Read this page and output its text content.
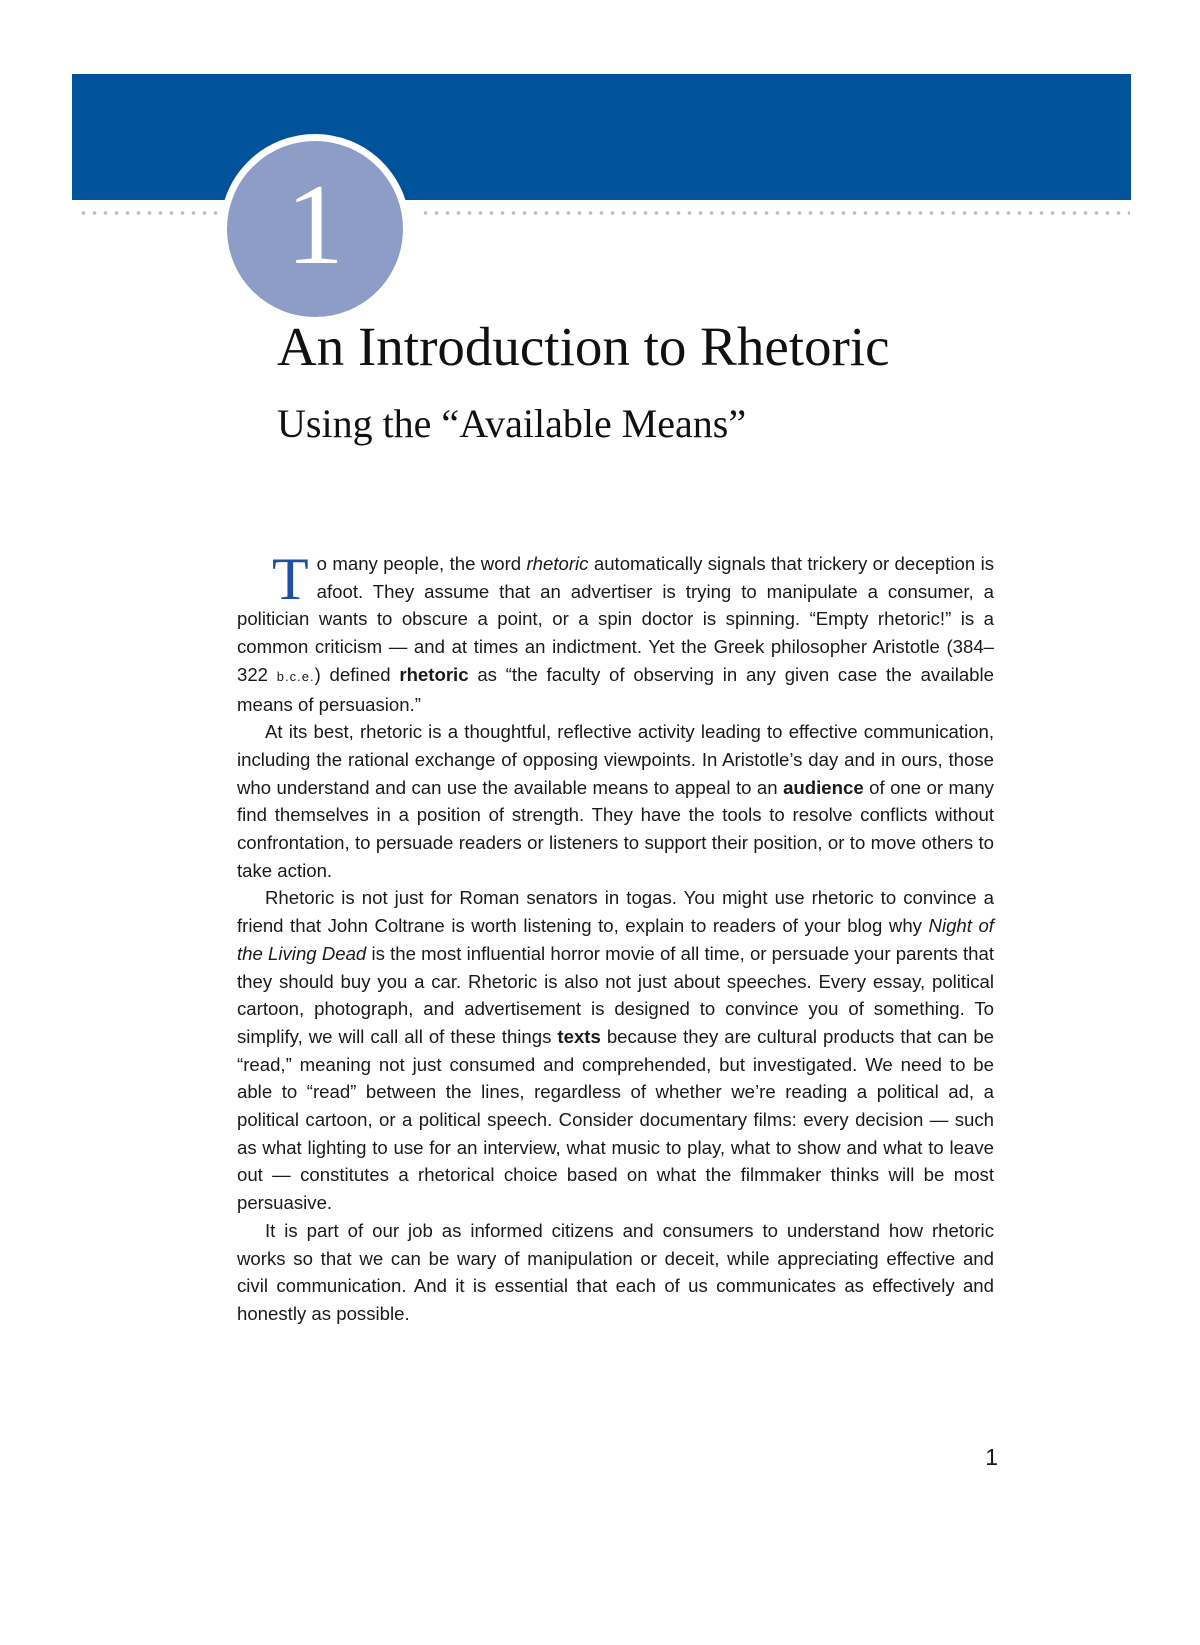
1
An Introduction to Rhetoric
Using the “Available Means”

To many people, the word rhetoric automatically signals that trickery or deception is afoot. They assume that an advertiser is trying to manipulate a consumer, a politician wants to obscure a point, or a spin doctor is spinning. “Empty rhetoric!” is a common criticism — and at times an indictment. Yet the Greek philosopher Aristotle (384–322 b.c.e.) defined rhetoric as “the faculty of observing in any given case the available means of persuasion.”

At its best, rhetoric is a thoughtful, reflective activity leading to effective communication, including the rational exchange of opposing viewpoints. In Aristotle’s day and in ours, those who understand and can use the available means to appeal to an audience of one or many find themselves in a position of strength. They have the tools to resolve conflicts without confrontation, to persuade readers or listeners to support their position, or to move others to take action.

Rhetoric is not just for Roman senators in togas. You might use rhetoric to convince a friend that John Coltrane is worth listening to, explain to readers of your blog why Night of the Living Dead is the most influential horror movie of all time, or persuade your parents that they should buy you a car. Rhetoric is also not just about speeches. Every essay, political cartoon, photograph, and advertisement is designed to convince you of something. To simplify, we will call all of these things texts because they are cultural products that can be “read,” meaning not just consumed and comprehended, but investigated. We need to be able to “read” between the lines, regardless of whether we’re reading a political ad, a political cartoon, or a political speech. Consider documentary films: every decision — such as what lighting to use for an interview, what music to play, what to show and what to leave out — constitutes a rhetorical choice based on what the filmmaker thinks will be most persuasive.

It is part of our job as informed citizens and consumers to understand how rhetoric works so that we can be wary of manipulation or deceit, while appreciating effective and civil communication. And it is essential that each of us communicates as effectively and honestly as possible.

1
